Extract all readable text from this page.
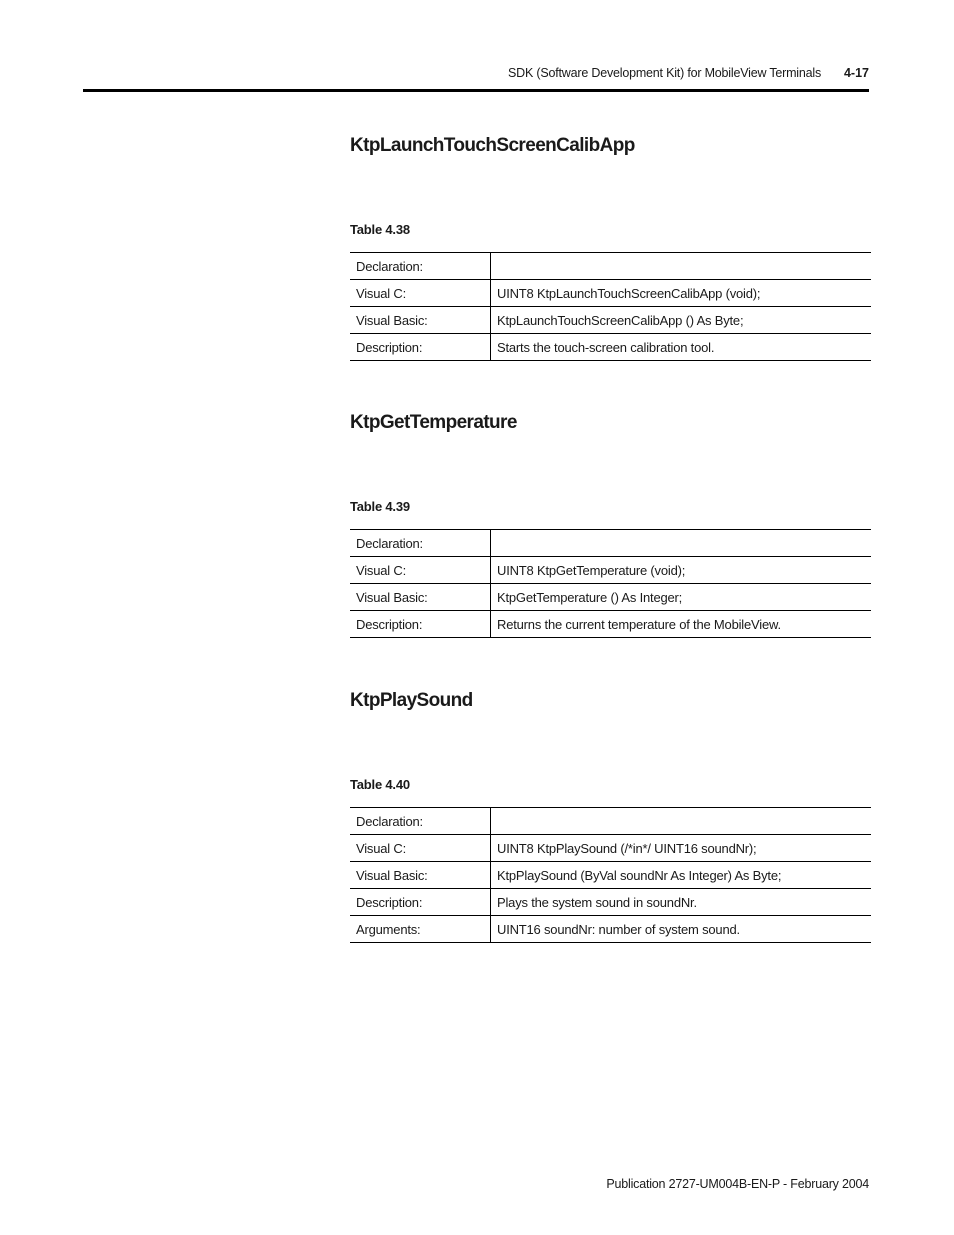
SDK (Software Development Kit) for MobileView Terminals 4-17
KtpLaunchTouchScreenCalibApp
Table 4.38
Declaration:	
Visual C:	UINT8 KtpLaunchTouchScreenCalibApp (void);
Visual Basic:	KtpLaunchTouchScreenCalibApp () As Byte;
Description:	Starts the touch-screen calibration tool.
KtpGetTemperature
Table 4.39
Declaration:	
Visual C:	UINT8 KtpGetTemperature (void);
Visual Basic:	KtpGetTemperature () As Integer;
Description:	Returns the current temperature of the MobileView.
KtpPlaySound
Table 4.40
Declaration:	
Visual C:	UINT8 KtpPlaySound (/*in*/ UINT16 soundNr);
Visual Basic:	KtpPlaySound (ByVal soundNr As Integer) As Byte;
Description:	Plays the system sound in soundNr.
Arguments:	UINT16 soundNr: number of system sound.
Publication 2727-UM004B-EN-P - February 2004
